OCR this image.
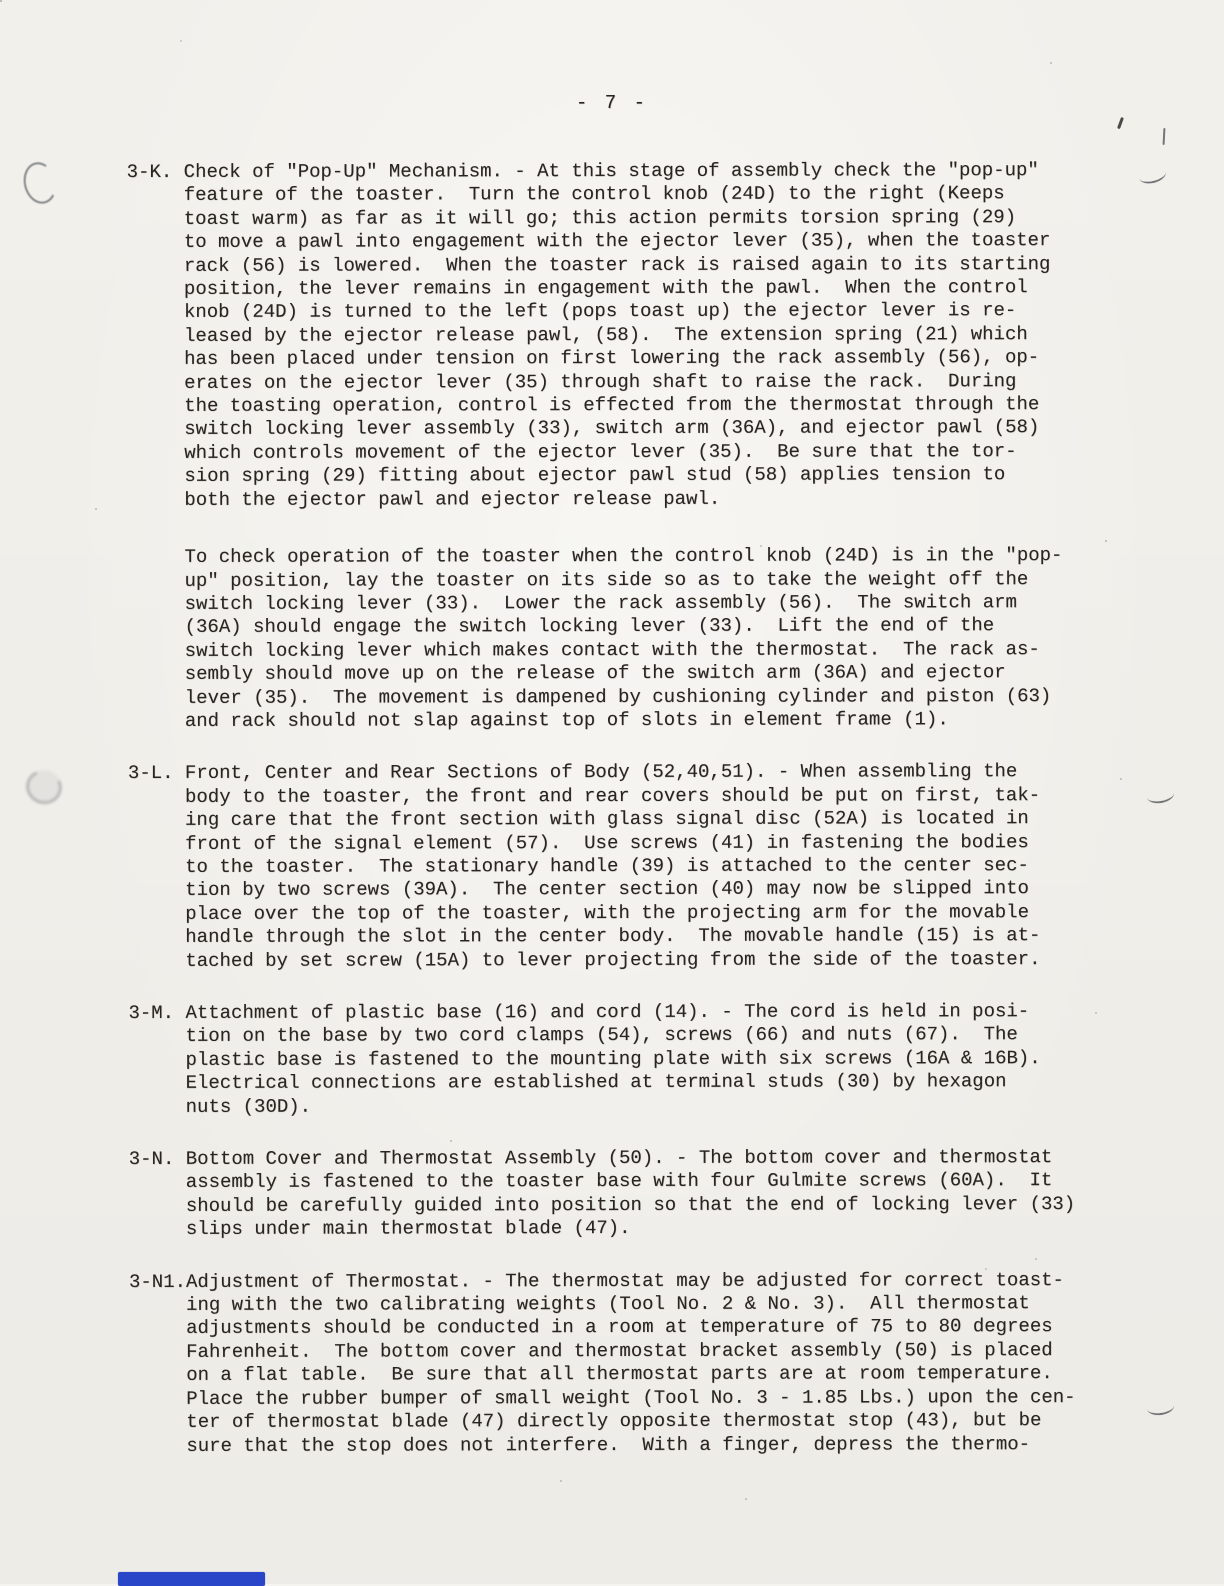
- 7 -
3-K. Check of "Pop-Up" Mechanism. - At this stage of assembly check the "pop-up"
feature of the toaster.  Turn the control knob (24D) to the right (Keeps
toast warm) as far as it will go; this action permits torsion spring (29)
to move a pawl into engagement with the ejector lever (35), when the toaster
rack (56) is lowered.  When the toaster rack is raised again to its starting
position, the lever remains in engagement with the pawl.  When the control
knob (24D) is turned to the left (pops toast up) the ejector lever is re-
leased by the ejector release pawl, (58).  The extension spring (21) which
has been placed under tension on first lowering the rack assembly (56), op-
erates on the ejector lever (35) through shaft to raise the rack.  During
the toasting operation, control is effected from the thermostat through the
switch locking lever assembly (33), switch arm (36A), and ejector pawl (58)
which controls movement of the ejector lever (35).  Be sure that the tor-
sion spring (29) fitting about ejector pawl stud (58) applies tension to
both the ejector pawl and ejector release pawl.

To check operation of the toaster when the control knob (24D) is in the "pop-
up" position, lay the toaster on its side so as to take the weight off the
switch locking lever (33).  Lower the rack assembly (56).  The switch arm
(36A) should engage the switch locking lever (33).  Lift the end of the
switch locking lever which makes contact with the thermostat.  The rack as-
sembly should move up on the release of the switch arm (36A) and ejector
lever (35).  The movement is dampened by cushioning cylinder and piston (63)
and rack should not slap against top of slots in element frame (1).

3-L. Front, Center and Rear Sections of Body (52,40,51). - When assembling the
body to the toaster, the front and rear covers should be put on first, tak-
ing care that the front section with glass signal disc (52A) is located in
front of the signal element (57).  Use screws (41) in fastening the bodies
to the toaster.  The stationary handle (39) is attached to the center sec-
tion by two screws (39A).  The center section (40) may now be slipped into
place over the top of the toaster, with the projecting arm for the movable
handle through the slot in the center body.  The movable handle (15) is at-
tached by set screw (15A) to lever projecting from the side of the toaster.

3-M. Attachment of plastic base (16) and cord (14). - The cord is held in posi-
tion on the base by two cord clamps (54), screws (66) and nuts (67).  The
plastic base is fastened to the mounting plate with six screws (16A & 16B).
Electrical connections are established at terminal studs (30) by hexagon
nuts (30D).

3-N. Bottom Cover and Thermostat Assembly (50). - The bottom cover and thermostat
assembly is fastened to the toaster base with four Gulmite screws (60A).  It
should be carefully guided into position so that the end of locking lever (33)
slips under main thermostat blade (47).

3-N1. Adjustment of Thermostat. - The thermostat may be adjusted for correct toast-
ing with the two calibrating weights (Tool No. 2 & No. 3).  All thermostat
adjustments should be conducted in a room at temperature of 75 to 80 degrees
Fahrenheit.  The bottom cover and thermostat bracket assembly (50) is placed
on a flat table.  Be sure that all thermostat parts are at room temperature.
Place the rubber bumper of small weight (Tool No. 3 - 1.85 Lbs.) upon the cen-
ter of thermostat blade (47) directly opposite thermostat stop (43), but be
sure that the stop does not interfere.  With a finger, depress the thermo-
